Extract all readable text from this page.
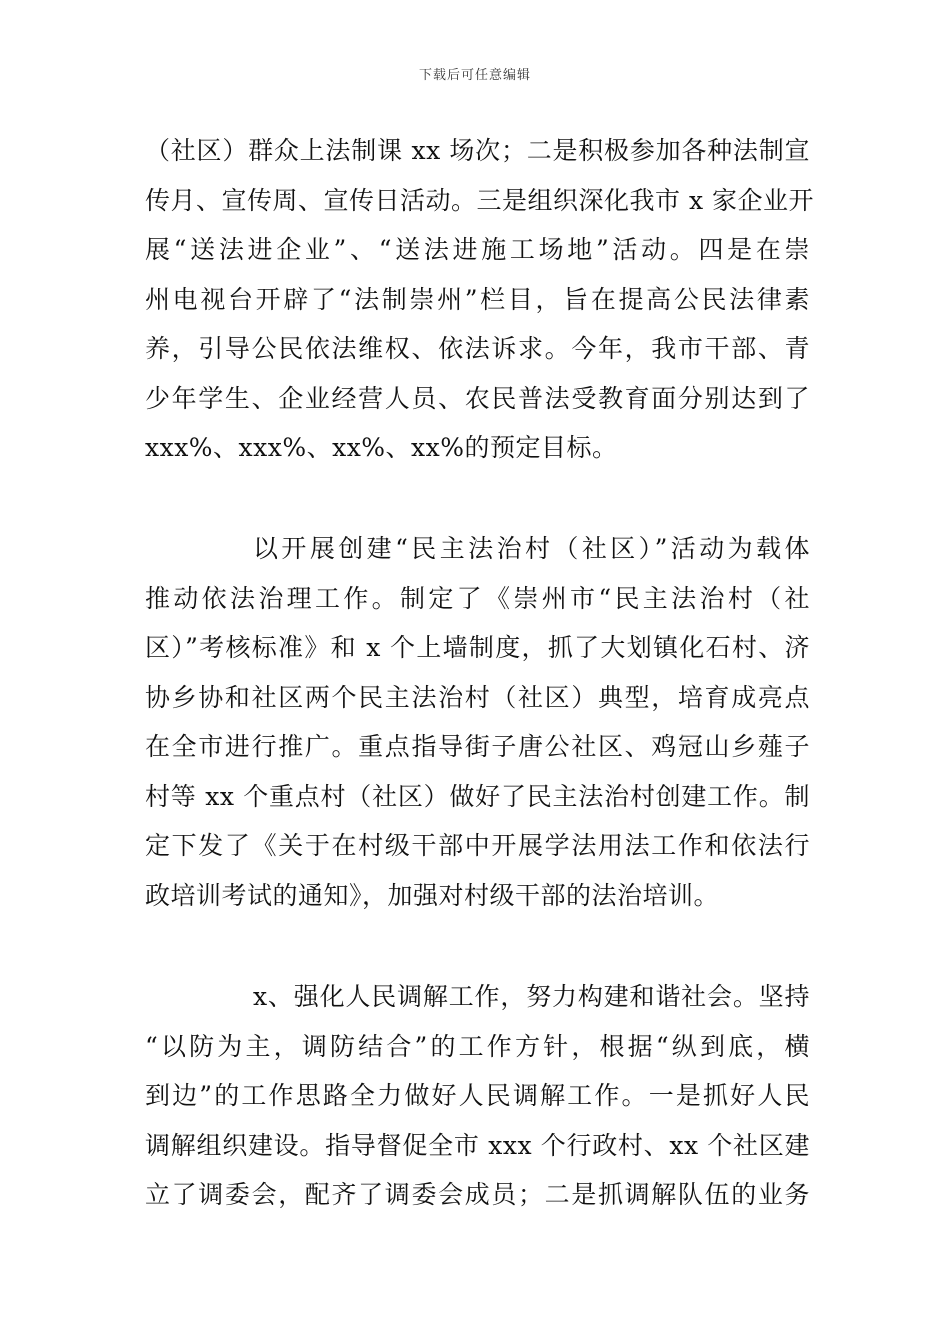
下载后可任意编辑
（社区）群众上法制课 xx 场次；二是积极参加各种法制宣
传月、宣传周、宣传日活动。三是组织深化我市 x 家企业开
展“送法进企业”、“送法进施工场地”活动。四是在崇
州电视台开辟了“法制崇州”栏目，旨在提高公民法律素
养，引导公民依法维权、依法诉求。今年，我市干部、青
少年学生、企业经营人员、农民普法受教育面分别达到了
xxx%、xxx%、xx%、xx%的预定目标。
以开展创建“民主法治村（社区）”活动为载体
推动依法治理工作。制定了《崇州市“民主法治村（社
区）”考核标准》和 x 个上墙制度，抓了大划镇化石村、济
协乡协和社区两个民主法治村（社区）典型，培育成亮点
在全市进行推广。重点指导街子唐公社区、鸡冠山乡薤子
村等 xx 个重点村（社区）做好了民主法治村创建工作。制
定下发了《关于在村级干部中开展学法用法工作和依法行
政培训考试的通知》，加强对村级干部的法治培训。
x、强化人民调解工作，努力构建和谐社会。坚持
“以防为主，调防结合”的工作方针，根据“纵到底，横
到边”的工作思路全力做好人民调解工作。一是抓好人民
调解组织建设。指导督促全市 xxx 个行政村、xx 个社区建
立了调委会，配齐了调委会成员；二是抓调解队伍的业务
